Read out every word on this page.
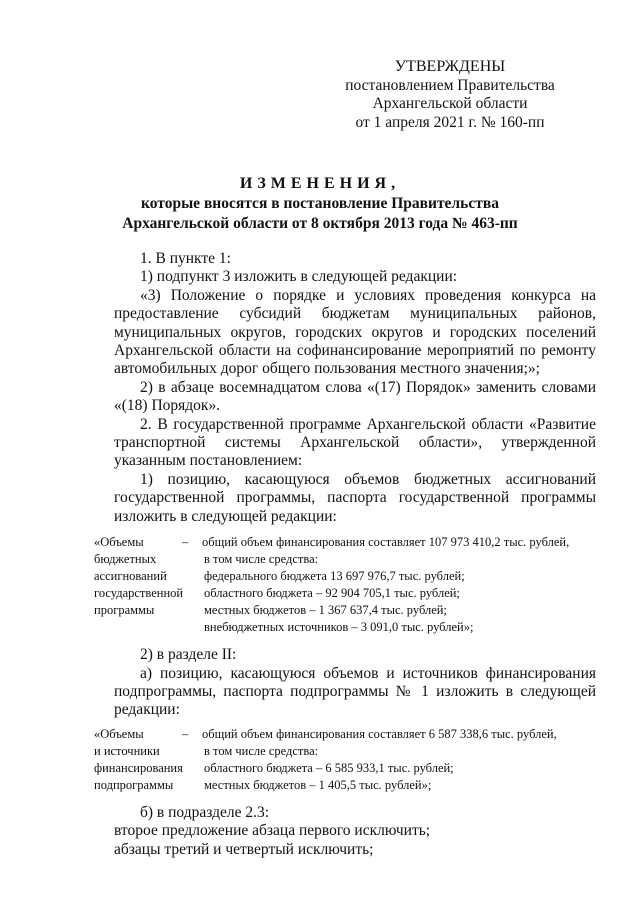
УТВЕРЖДЕНЫ
постановлением Правительства
Архангельской области
от 1 апреля 2021 г. № 160-пп
ИЗМЕНЕНИЯ,
которые вносятся в постановление Правительства
Архангельской области от 8 октября 2013 года № 463-пп

1. В пункте 1:

1) подпункт 3 изложить в следующей редакции:

«3) Положение о порядке и условиях проведения конкурса на предоставление субсидий бюджетам муниципальных районов, муниципальных округов, городских округов и городских поселений Архангельской области на софинансирование мероприятий по ремонту автомобильных дорог общего пользования местного значения;»;

2) в абзаце восемнадцатом слова «(17) Порядок» заменить словами «(18) Порядок».

2. В государственной программе Архангельской области «Развитие транспортной системы Архангельской области», утвержденной указанным постановлением:

1) позицию, касающуюся объемов бюджетных ассигнований государственной программы, паспорта государственной программы изложить в следующей редакции:

«Объемы
бюджетных
ассигнований
государственной
программы
–	общий объем финансирования составляет 107 973 410,2 тыс. рублей,
в том числе средства:
федерального бюджета 13 697 976,7 тыс. рублей;
областного бюджета – 92 904 705,1 тыс. рублей;
местных бюджетов – 1 367 637,4 тыс. рублей;
внебюджетных источников – 3 091,0 тыс. рублей»;

2) в разделе II:

а) позицию, касающуюся объемов и источников финансирования подпрограммы, паспорта подпрограммы № 1 изложить в следующей редакции:

«Объемы
и источники
финансирования
подпрограммы
–	общий объем финансирования составляет 6 587 338,6 тыс. рублей,
в том числе средства:
областного бюджета – 6 585 933,1 тыс. рублей;
местных бюджетов – 1 405,5 тыс. рублей»;

б) в подразделе 2.3:

второе предложение абзаца первого исключить;

абзацы третий и четвертый исключить;
